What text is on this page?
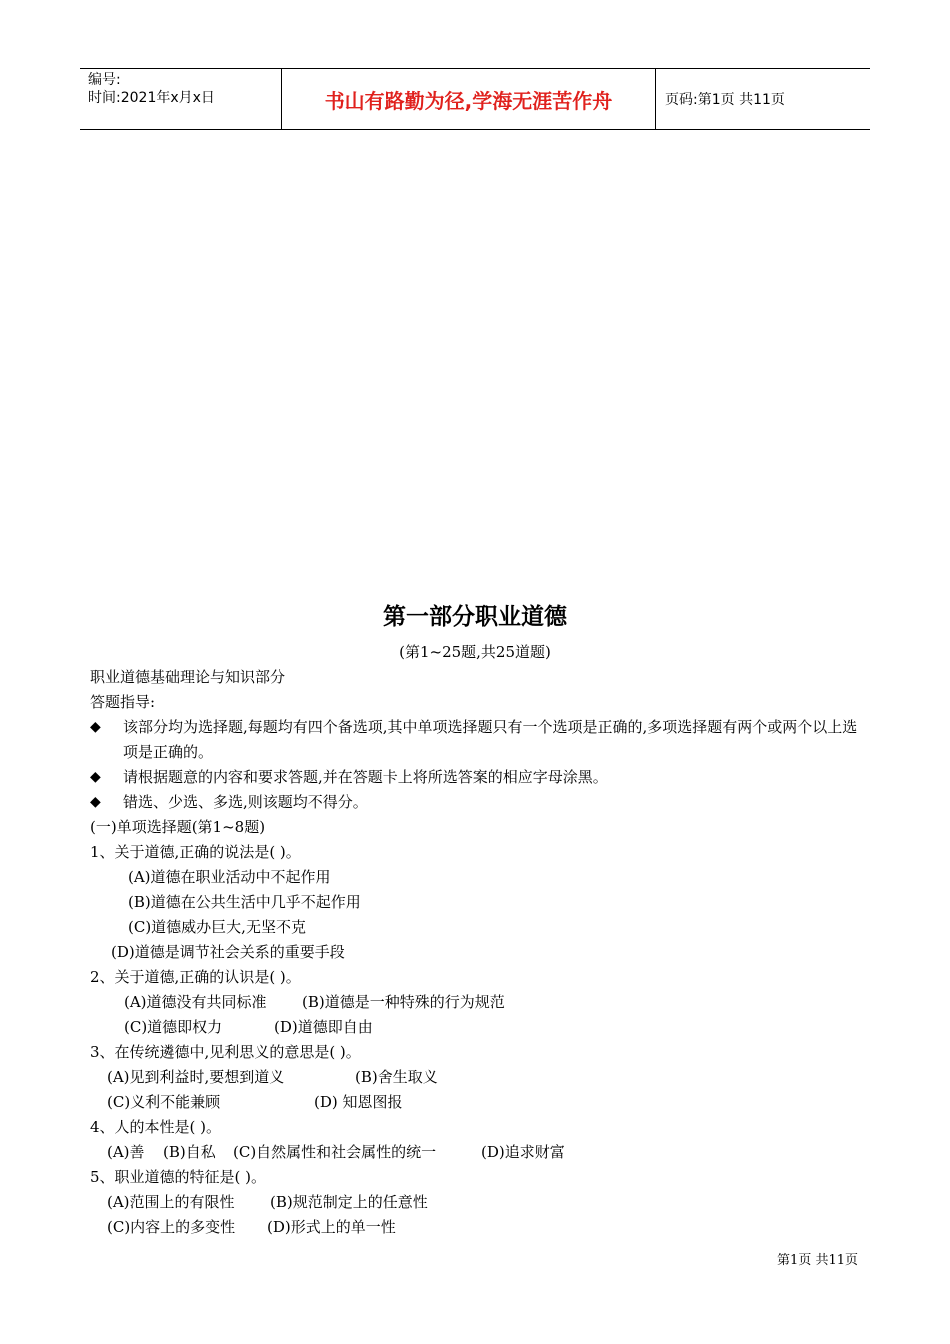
编号:
时间:2021年x月x日	书山有路勤为径,学海无涯苦作舟	页码:第1页 共11页
第一部分职业道德
(第1~25题,共25道题)
职业道德基础理论与知识部分
答题指导:
◆	该部分均为选择题,每题均有四个备选项,其中单项选择题只有一个选项是正确的,多项选择题有两个或两个以上选项是正确的。
◆	请根据题意的内容和要求答题,并在答题卡上将所选答案的相应字母涂黑。
◆	错选、少选、多选,则该题均不得分。
(一)单项选择题(第1~8题)
1、关于道德,正确的说法是( )。
(A)道德在职业活动中不起作用
(B)道德在公共生活中几乎不起作用
(C)道德威办巨大,无坚不克
(D)道德是调节社会关系的重要手段
2、关于道德,正确的认识是( )。
(A)道德没有共同标准 (B)道德是一种特殊的行为规范
(C)道德即权力	(D)道德即自由
3、在传统遴德中,见利思义的意思是( )。
(A)见到利益时,要想到道义	(B)舍生取义
(C)义利不能兼顾	(D) 知恩图报
4、人的本性是( )。
(A)善 (B)自私 (C)自然属性和社会属性的统一	(D)追求财富
5、职业道德的特征是( )。
(A)范围上的有限性 (B)规范制定上的任意性
(C)内容上的多变性 (D)形式上的单一性
第1页 共11页
